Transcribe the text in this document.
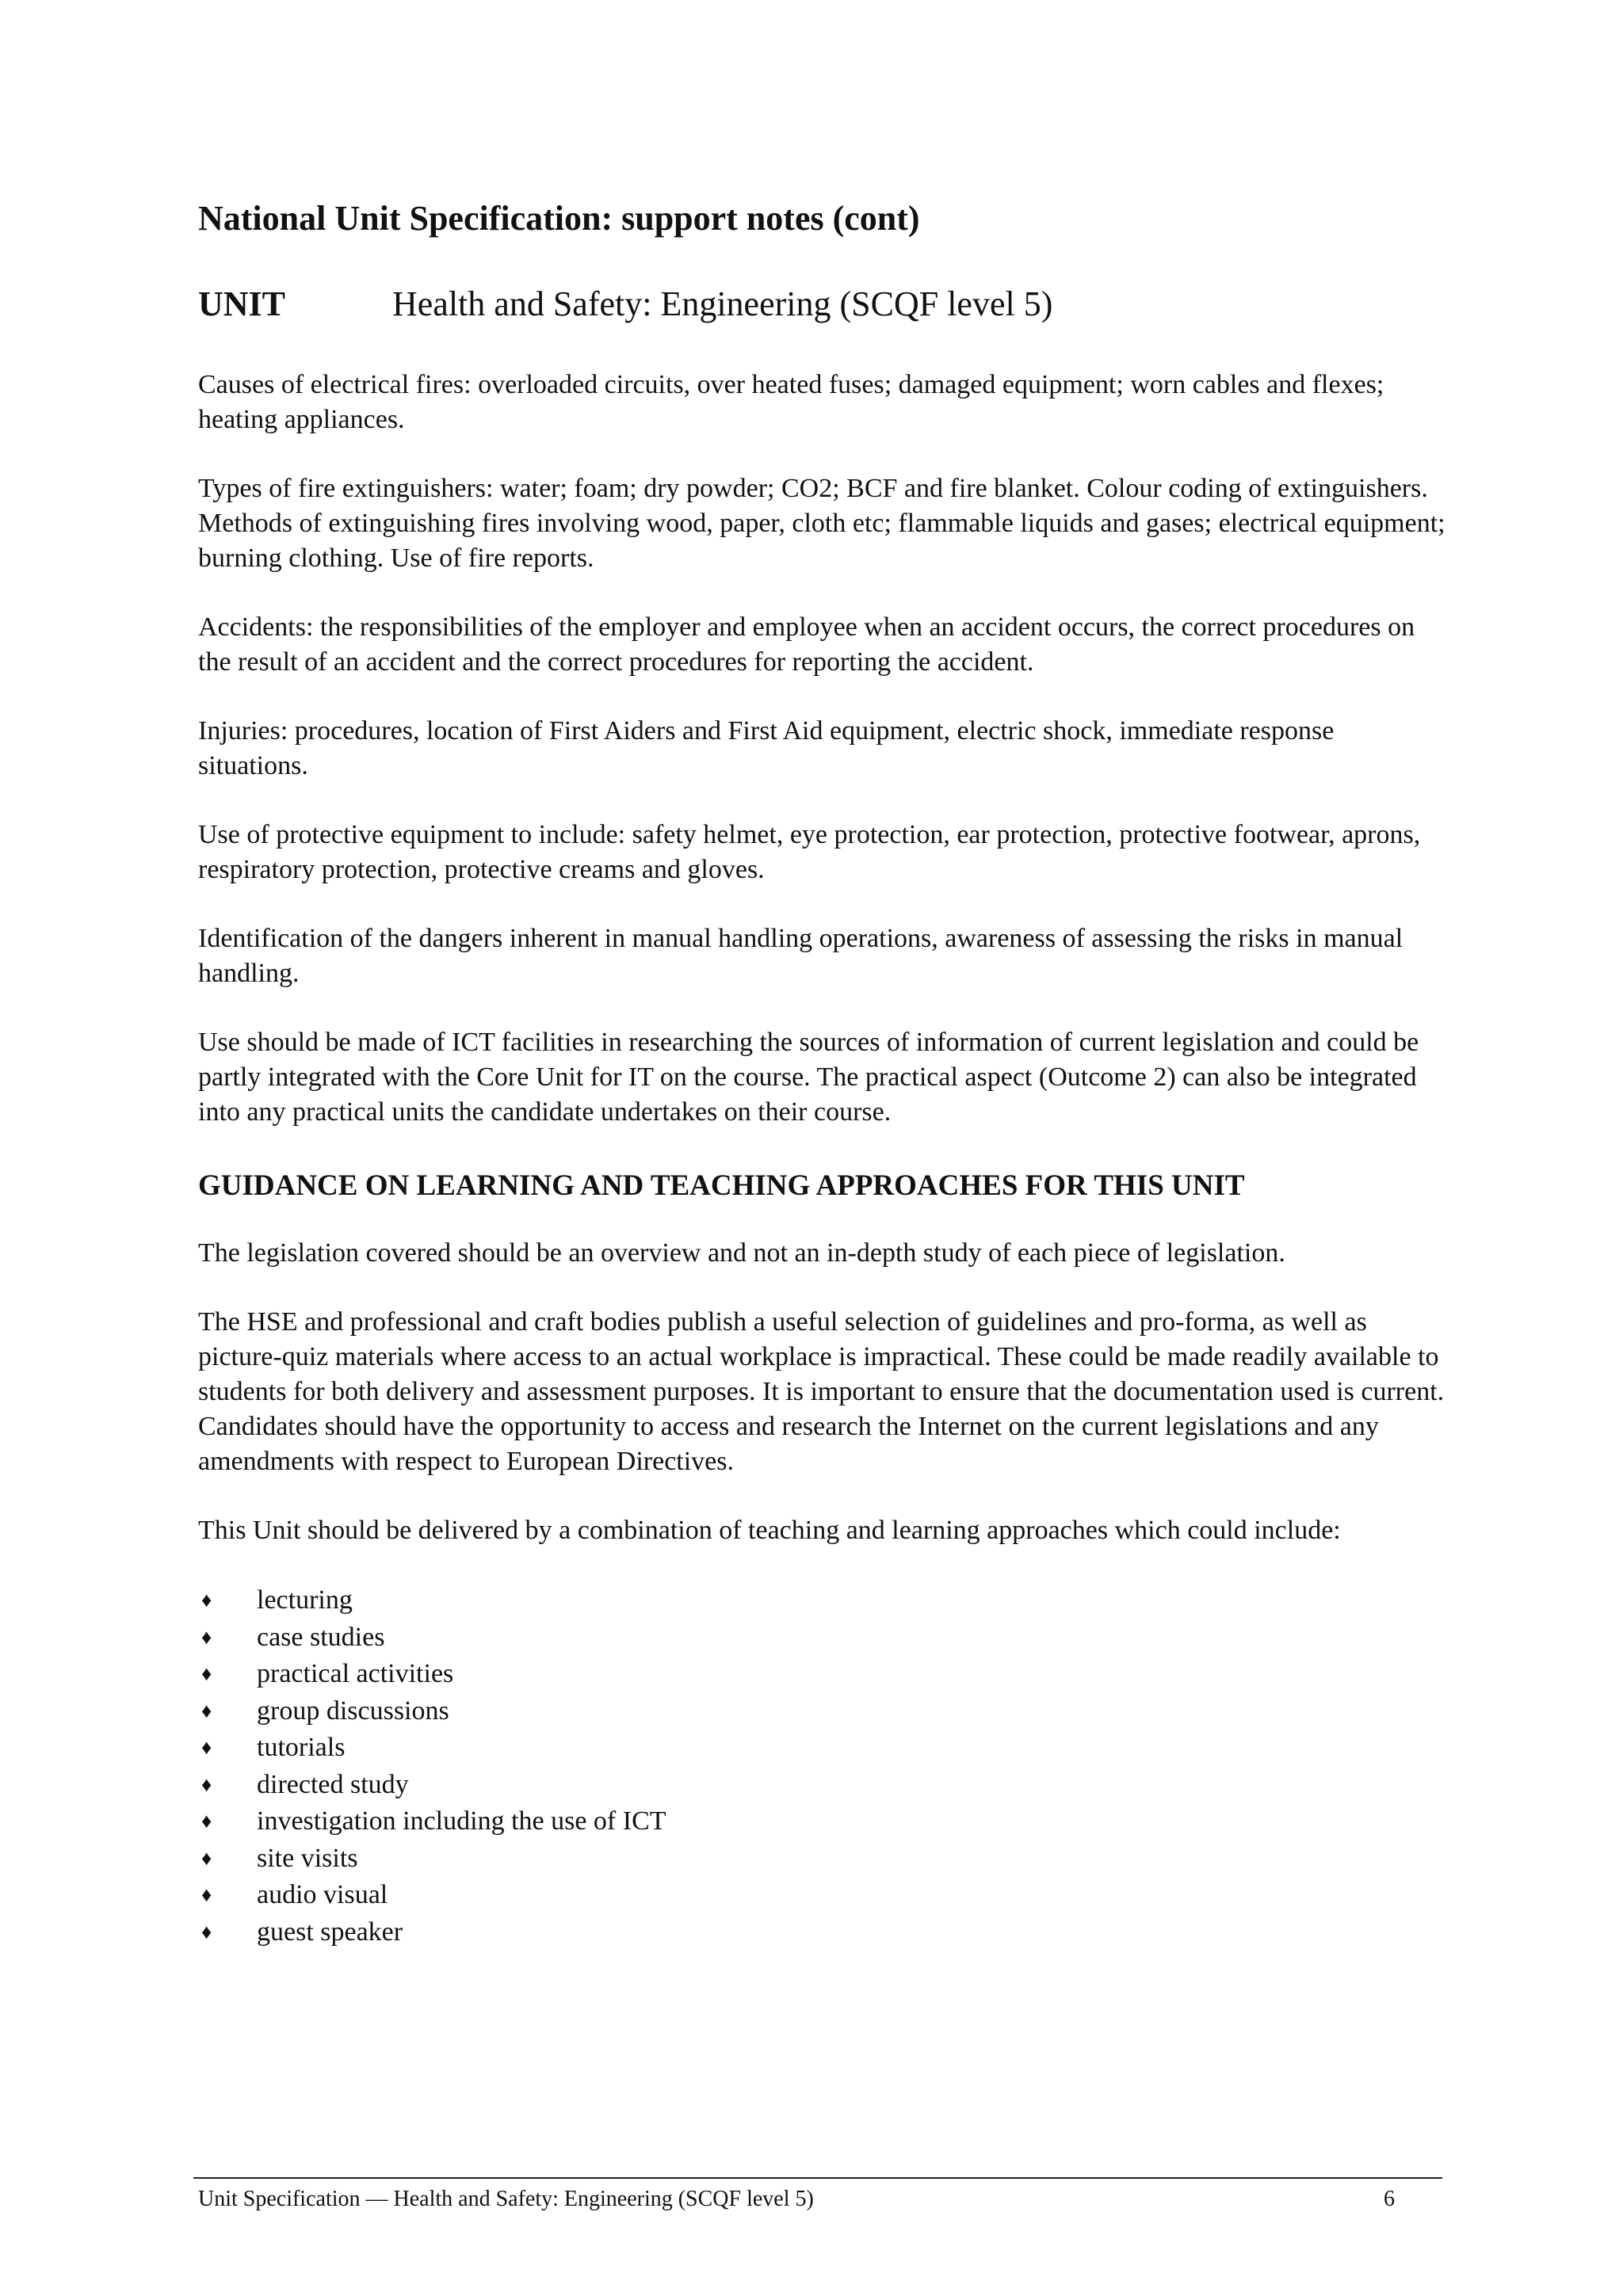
National Unit Specification: support notes (cont)
UNIT	Health and Safety: Engineering (SCQF level 5)

Causes of electrical fires: overloaded circuits, over heated fuses; damaged equipment; worn cables and flexes; heating appliances.

Types of fire extinguishers: water; foam; dry powder; CO2; BCF and fire blanket. Colour coding of extinguishers. Methods of extinguishing fires involving wood, paper, cloth etc; flammable liquids and gases; electrical equipment; burning clothing. Use of fire reports.

Accidents: the responsibilities of the employer and employee when an accident occurs, the correct procedures on the result of an accident and the correct procedures for reporting the accident.

Injuries: procedures, location of First Aiders and First Aid equipment, electric shock, immediate response situations.

Use of protective equipment to include: safety helmet, eye protection, ear protection, protective footwear, aprons, respiratory protection, protective creams and gloves.

Identification of the dangers inherent in manual handling operations, awareness of assessing the risks in manual handling.

Use should be made of ICT facilities in researching the sources of information of current legislation and could be partly integrated with the Core Unit for IT on the course. The practical aspect (Outcome 2) can also be integrated into any practical units the candidate undertakes on their course.

GUIDANCE ON LEARNING AND TEACHING APPROACHES FOR THIS UNIT

The legislation covered should be an overview and not an in-depth study of each piece of legislation.

The HSE and professional and craft bodies publish a useful selection of guidelines and pro-forma, as well as picture-quiz materials where access to an actual workplace is impractical. These could be made readily available to students for both delivery and assessment purposes. It is important to ensure that the documentation used is current. Candidates should have the opportunity to access and research the Internet on the current legislations and any amendments with respect to European Directives.

This Unit should be delivered by a combination of teaching and learning approaches which could include:

♦	lecturing
♦	case studies
♦	practical activities
♦	group discussions
♦	tutorials
♦	directed study
♦	investigation including the use of ICT
♦	site visits
♦	audio visual
♦	guest speaker
Unit Specification — Health and Safety: Engineering (SCQF level 5)	6
